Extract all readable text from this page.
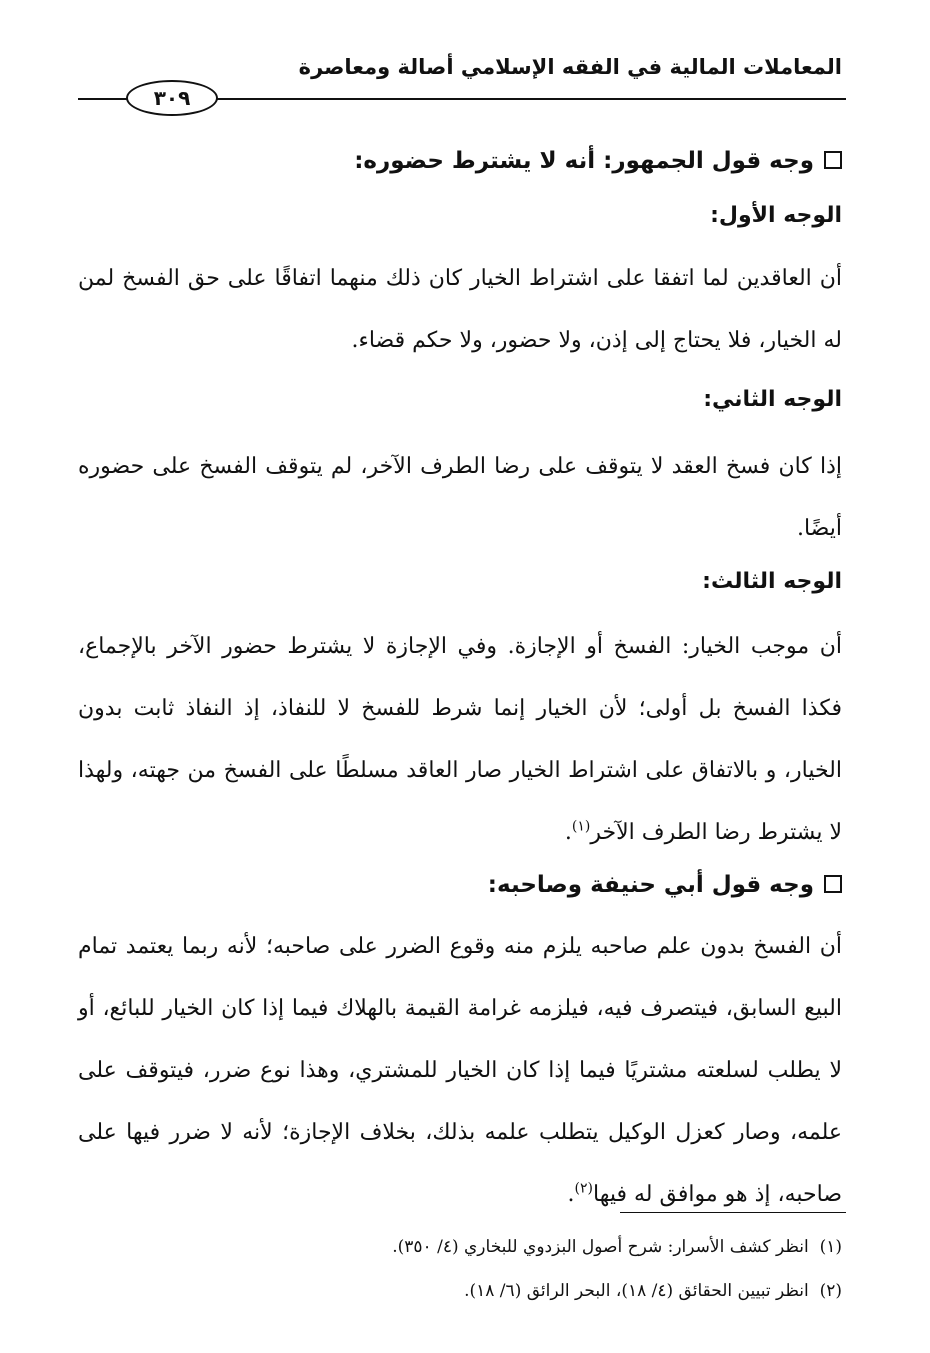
المعاملات المالية في الفقه الإسلامي أصالة ومعاصرة
٣٠٩
وجه قول الجمهور: أنه لا يشترط حضوره:
الوجه الأول:
أن العاقدين لما اتفقا على اشتراط الخيار كان ذلك منهما اتفاقًا على حق الفسخ لمن له الخيار، فلا يحتاج إلى إذن، ولا حضور، ولا حكم قضاء.
الوجه الثاني:
إذا كان فسخ العقد لا يتوقف على رضا الطرف الآخر، لم يتوقف الفسخ على حضوره أيضًا.
الوجه الثالث:
أن موجب الخيار: الفسخ أو الإجازة. وفي الإجازة لا يشترط حضور الآخر بالإجماع، فكذا الفسخ بل أولى؛ لأن الخيار إنما شرط للفسخ لا للنفاذ، إذ النفاذ ثابت بدون الخيار، و بالاتفاق على اشتراط الخيار صار العاقد مسلطًا على الفسخ من جهته، ولهذا لا يشترط رضا الطرف الآخر$^{(١)}$.
وجه قول أبي حنيفة وصاحبه:
أن الفسخ بدون علم صاحبه يلزم منه وقوع الضرر على صاحبه؛ لأنه ربما يعتمد تمام البيع السابق، فيتصرف فيه، فيلزمه غرامة القيمة بالهلاك فيما إذا كان الخيار للبائع، أو لا يطلب لسلعته مشتريًا فيما إذا كان الخيار للمشتري، وهذا نوع ضرر، فيتوقف على علمه، وصار كعزل الوكيل يتطلب علمه بذلك، بخلاف الإجازة؛ لأنه لا ضرر فيها على صاحبه، إذ هو موافق له فيها$^{(٢)}$.
(١)  انظر كشف الأسرار: شرح أصول البزدوي للبخاري (٤/ ٣٥٠).
(٢)  انظر تبيين الحقائق (٤/ ١٨)، البحر الرائق (٦/ ١٨).
